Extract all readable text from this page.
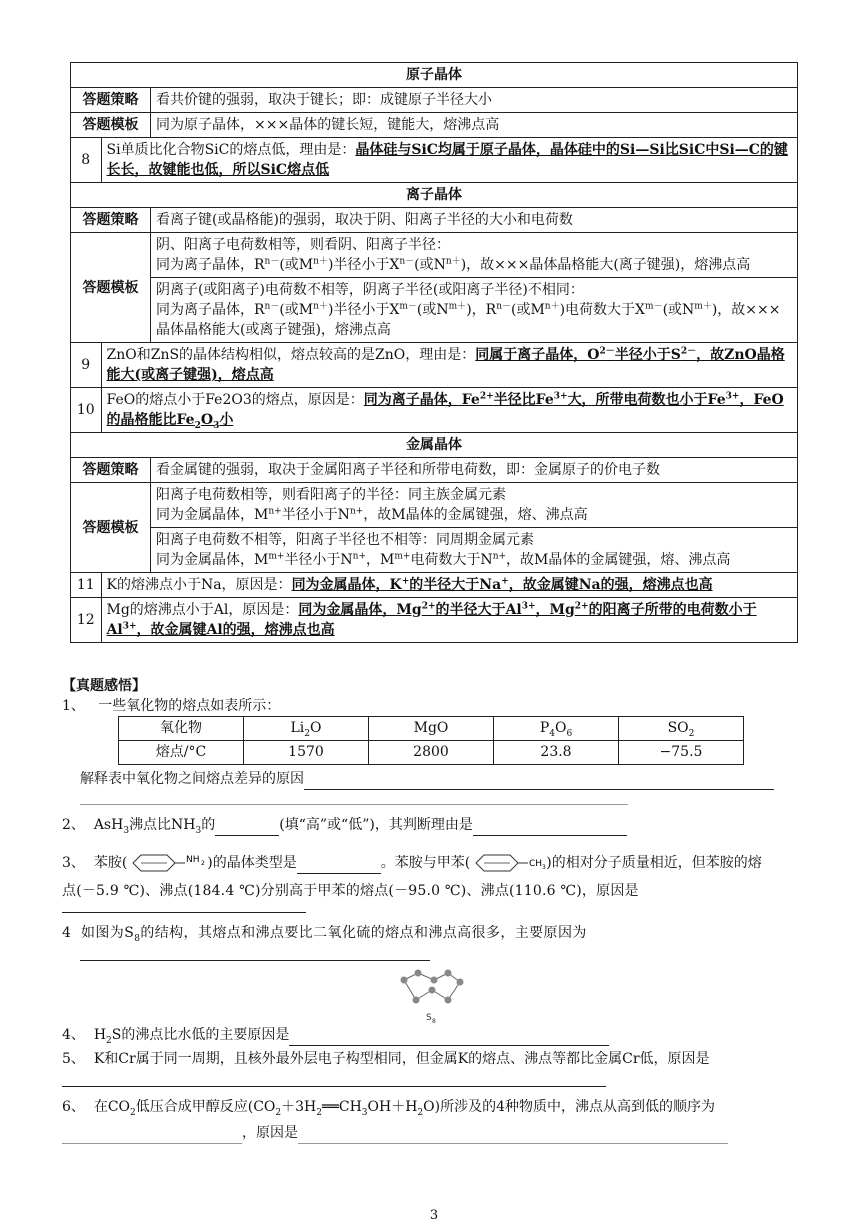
原子晶体
答题策略	看共价键的强弱，取决于键长；即：成键原子半径大小
答题模板	同为原子晶体，×××晶体的键长短，键能大，熔沸点高

8	Si单质比化合物SiC的熔点低，理由是：晶体硅与SiC均属于原子晶体，晶体硅中的Si—Si比SiC中Si—C的键长长，故键能也低，所以SiC熔点低

离子晶体
答题策略	看离子键(或晶格能)的强弱，取决于阴、阳离子半径的大小和电荷数
答题模板	
阴、阳离子电荷数相等，则看阴、阳离子半径：
同为离子晶体，$R^{n-}$(或$M^{n+}$)半径小于$X^{n-}$(或$N^{n+}$)，故×××晶体晶格能大(离子键强)，熔沸点高

阴离子(或阳离子)电荷数不相等，阴离子半径(或阳离子半径)不相同：
同为离子晶体，$R^{n-}$(或$M^{n+}$)半径小于$X^{m-}$(或$N^{m+}$)，$R^{n-}$(或$M^{n+}$)电荷数大于$X^{m-}$(或$N^{m+}$)，故×××晶体晶格能大(或离子键强)，熔沸点高

9	ZnO和ZnS的晶体结构相似，熔点较高的是ZnO，理由是：同属于离子晶体，$O^{2-}$半径小于$S^{2-}$，故ZnO晶格能大(或离子键强)，熔点高

10	FeO的熔点小于Fe2O3的熔点，原因是：同为离子晶体，$Fe^{2+}$半径比$Fe^{3+}$大，所带电荷数也小于$Fe^{3+}$，FeO的晶格能比$Fe_2O_3$小

金属晶体
答题策略	看金属键的强弱，取决于金属阳离子半径和所带电荷数，即：金属原子的价电子数
答题模板	
阳离子电荷数相等，则看阳离子的半径：同主族金属元素
同为金属晶体，$M^{n+}$半径小于$N^{n+}$，故M晶体的金属键强，熔、沸点高

阳离子电荷数不相等，阳离子半径也不相等：同周期金属元素
同为金属晶体，$M^{m+}$半径小于$N^{n+}$，$M^{m+}$电荷数大于$N^{n+}$，故M晶体的金属键强，熔、沸点高

11	K的熔沸点小于Na，原因是：同为金属晶体，K+的半径大于Na+，故金属键Na的强，熔沸点也高

12	Mg的熔沸点小于Al，原因是：同为金属晶体，$Mg^{2+}$的半径大于$Al^{3+}$，$Mg^{2+}$的阳离子所带的电荷数小于$Al^{3+}$，故金属键Al的强，熔沸点也高
【真题感悟】
1、 一些氧化物的熔点如表所示：
氧化物	$Li_2O$	MgO	$P_4O_6$	$SO_2$
熔点/°C	1570	2800	23.8	−75.5
解释表中氧化物之间熔点差异的原因
2、  AsH$_3$沸点比$NH_3$的	(填“高”或“低”)，其判断理由是
3、 苯胺(	NH 2 )的晶体类型是	。苯胺与甲苯(	CH 3 )的相对分子质量相近，但苯胺的熔
点(－5.9 ℃)、沸点(184.4 ℃)分别高于甲苯的熔点(－95.0 ℃)、沸点(110.6 ℃)，原因是
4  如图为$S_8$的结构，其熔点和沸点要比二氧化硫的熔点和沸点高很多，主要原因为
S 8
4、  $H_2S$的沸点比水低的主要原因是
5、 K和Cr属于同一周期，且核外最外层电子构型相同，但金属K的熔点、沸点等都比金属Cr低，原因是
6、  在$CO_2$低压合成甲醇反应$(CO_2+3H_2══CH_3OH+H_2O)$所涉及的4种物质中，沸点从高到低的顺序为
，原因是
3
